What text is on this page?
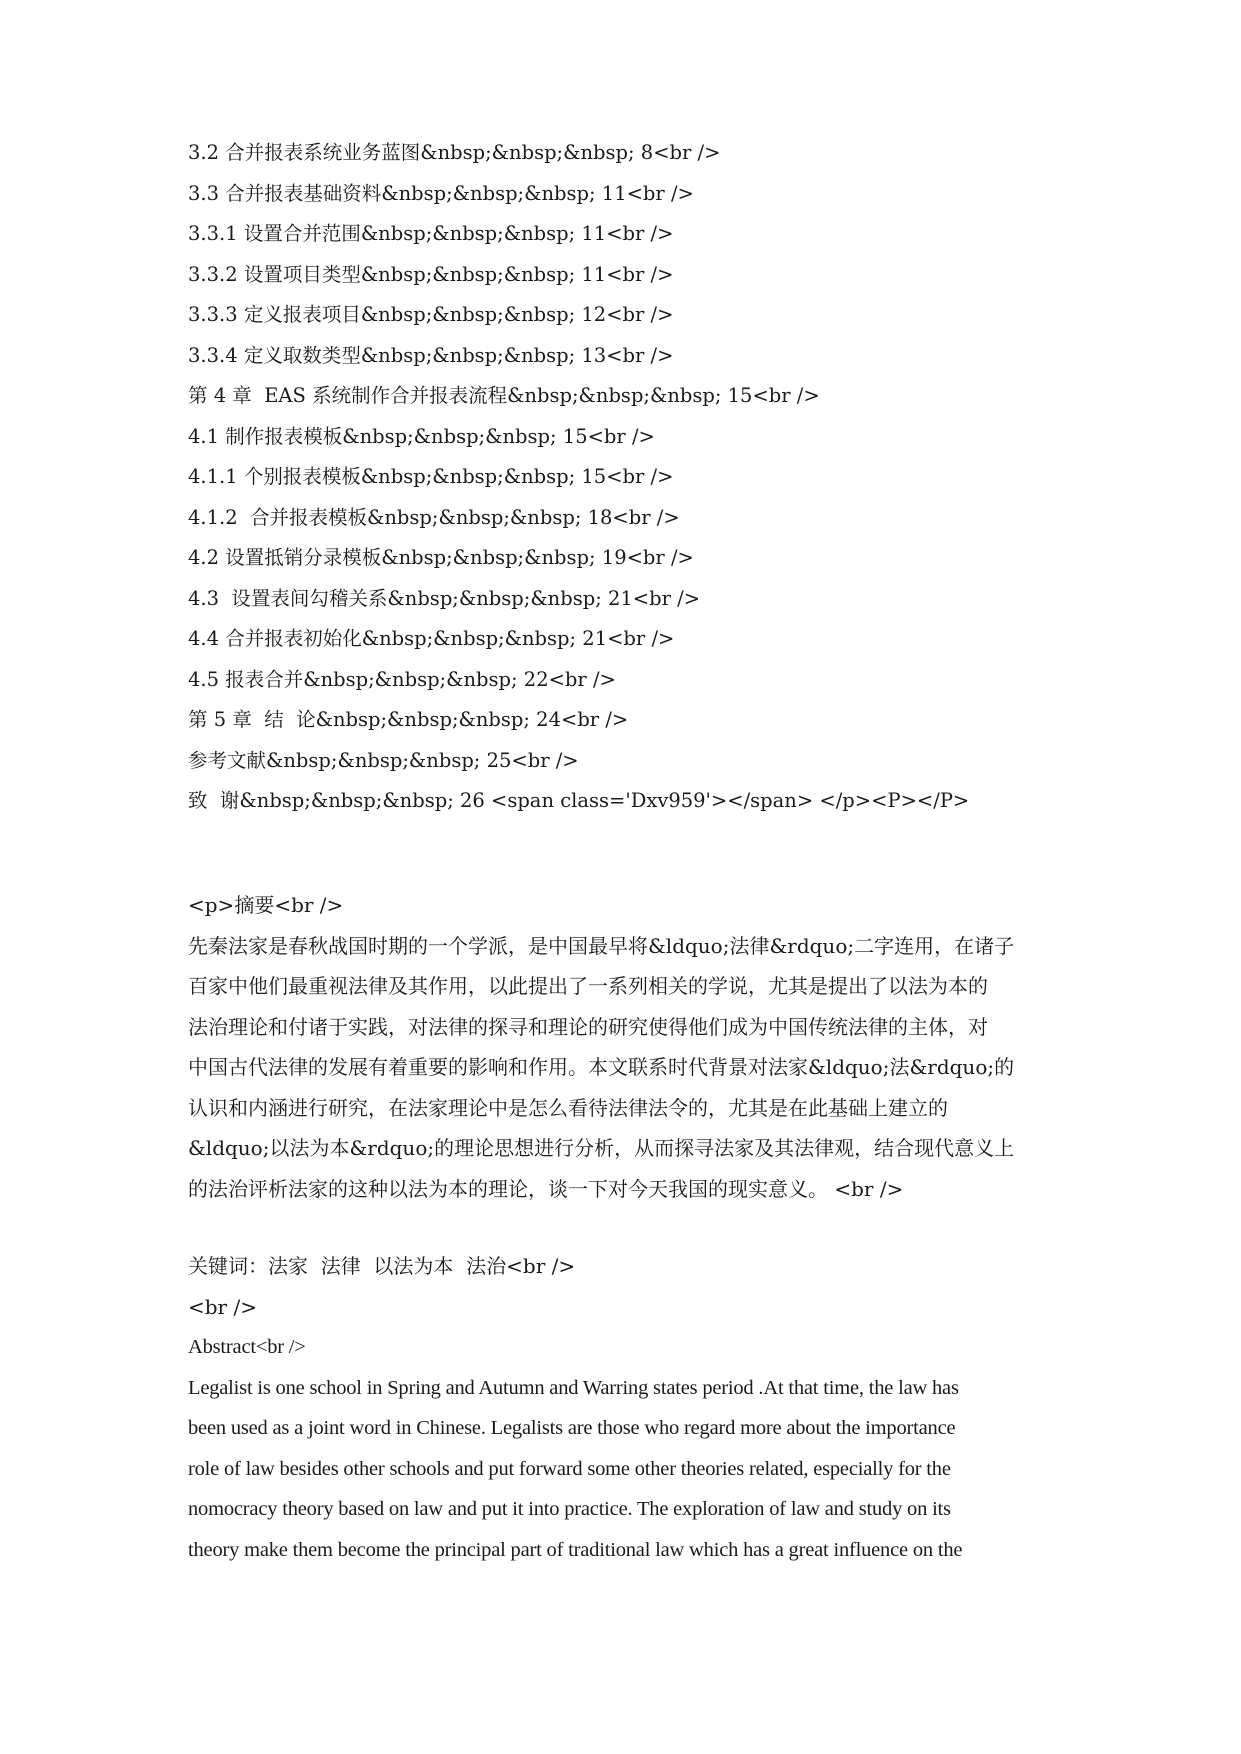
3.2 合并报表系统业务蓝图&nbsp;&nbsp;&nbsp; 8<br />
3.3 合并报表基础资料&nbsp;&nbsp;&nbsp; 11<br />
3.3.1 设置合并范围&nbsp;&nbsp;&nbsp; 11<br />
3.3.2 设置项目类型&nbsp;&nbsp;&nbsp; 11<br />
3.3.3 定义报表项目&nbsp;&nbsp;&nbsp; 12<br />
3.3.4 定义取数类型&nbsp;&nbsp;&nbsp; 13<br />
第 4 章  EAS 系统制作合并报表流程&nbsp;&nbsp;&nbsp; 15<br />
4.1 制作报表模板&nbsp;&nbsp;&nbsp; 15<br />
4.1.1 个别报表模板&nbsp;&nbsp;&nbsp; 15<br />
4.1.2  合并报表模板&nbsp;&nbsp;&nbsp; 18<br />
4.2 设置抵销分录模板&nbsp;&nbsp;&nbsp; 19<br />
4.3  设置表间勾稽关系&nbsp;&nbsp;&nbsp; 21<br />
4.4 合并报表初始化&nbsp;&nbsp;&nbsp; 21<br />
4.5 报表合并&nbsp;&nbsp;&nbsp; 22<br />
第 5 章  结  论&nbsp;&nbsp;&nbsp; 24<br />
参考文献&nbsp;&nbsp;&nbsp; 25<br />
致  谢&nbsp;&nbsp;&nbsp; 26 <span class='Dxv959'></span> </p><P></P>
<p>摘要<br />
先秦法家是春秋战国时期的一个学派，是中国最早将&ldquo;法律&rdquo;二字连用，在诸子
百家中他们最重视法律及其作用，以此提出了一系列相关的学说，尤其是提出了以法为本的
法治理论和付诸于实践，对法律的探寻和理论的研究使得他们成为中国传统法律的主体，对
中国古代法律的发展有着重要的影响和作用。本文联系时代背景对法家&ldquo;法&rdquo;的
认识和内涵进行研究，在法家理论中是怎么看待法律法令的，尤其是在此基础上建立的
&ldquo;以法为本&rdquo;的理论思想进行分析，从而探寻法家及其法律观，结合现代意义上
的法治评析法家的这种以法为本的理论，谈一下对今天我国的现实意义。 <br />
关键词：法家  法律  以法为本  法治<br />
<br />
Abstract<br />
Legalist is one school in Spring and Autumn and Warring states period .At that time, the law has
been used as a joint word in Chinese. Legalists are those who regard more about the importance
role of law besides other schools and put forward some other theories related, especially for the
nomocracy theory based on law and put it into practice. The exploration of law and study on its
theory make them become the principal part of traditional law which has a great influence on the
